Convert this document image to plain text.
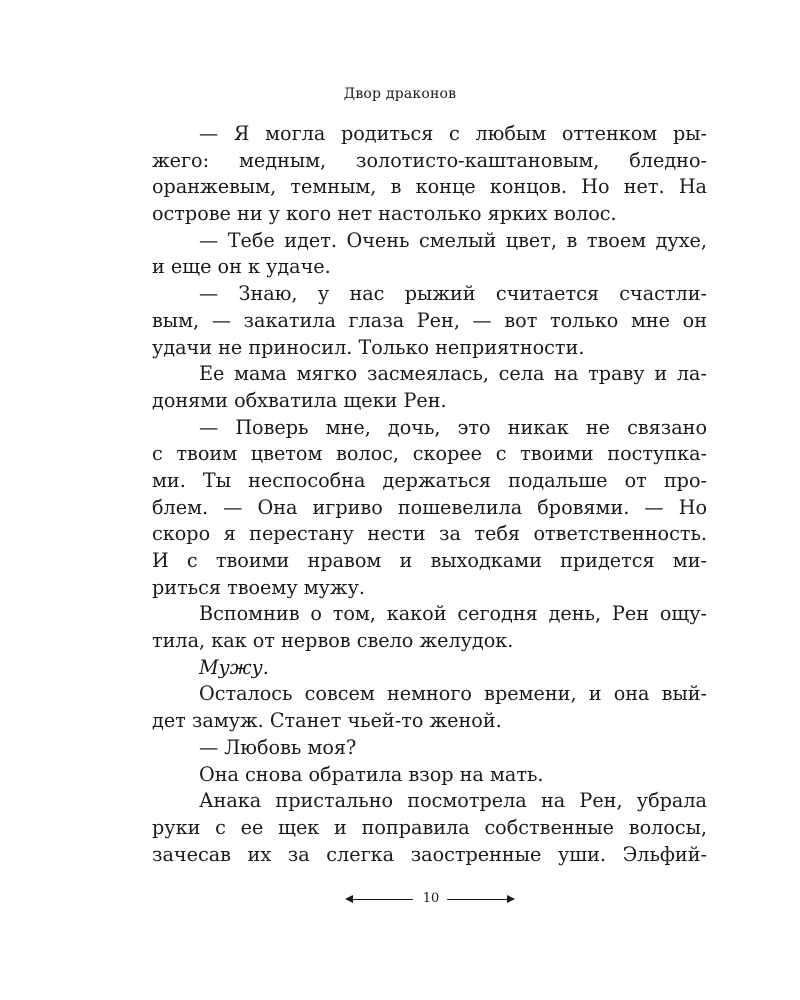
Двор драконов
— Я могла родиться с любым оттенком ры-
жего: медным, золотисто-каштановым, бледно-
оранжевым, темным, в конце концов. Но нет. На
острове ни у кого нет настолько ярких волос.
— Тебе идет. Очень смелый цвет, в твоем духе,
и еще он к удаче.
— Знаю, у нас рыжий считается счастли-
вым, — закатила глаза Рен, — вот только мне он
удачи не приносил. Только неприятности.
Ее мама мягко засмеялась, села на траву и ла-
донями обхватила щеки Рен.
— Поверь мне, дочь, это никак не связано
с твоим цветом волос, скорее с твоими поступка-
ми. Ты неспособна держаться подальше от про-
блем. — Она игриво пошевелила бровями. — Но
скоро я перестану нести за тебя ответственность.
И с твоими нравом и выходками придется ми-
риться твоему мужу.
Вспомнив о том, какой сегодня день, Рен ощу-
тила, как от нервов свело желудок.
Мужу.
Осталось совсем немного времени, и она вый-
дет замуж. Станет чьей-то женой.
— Любовь моя?
Она снова обратила взор на мать.
Анака пристально посмотрела на Рен, убрала
руки с ее щек и поправила собственные волосы,
зачесав их за слегка заостренные уши. Эльфий-
10
